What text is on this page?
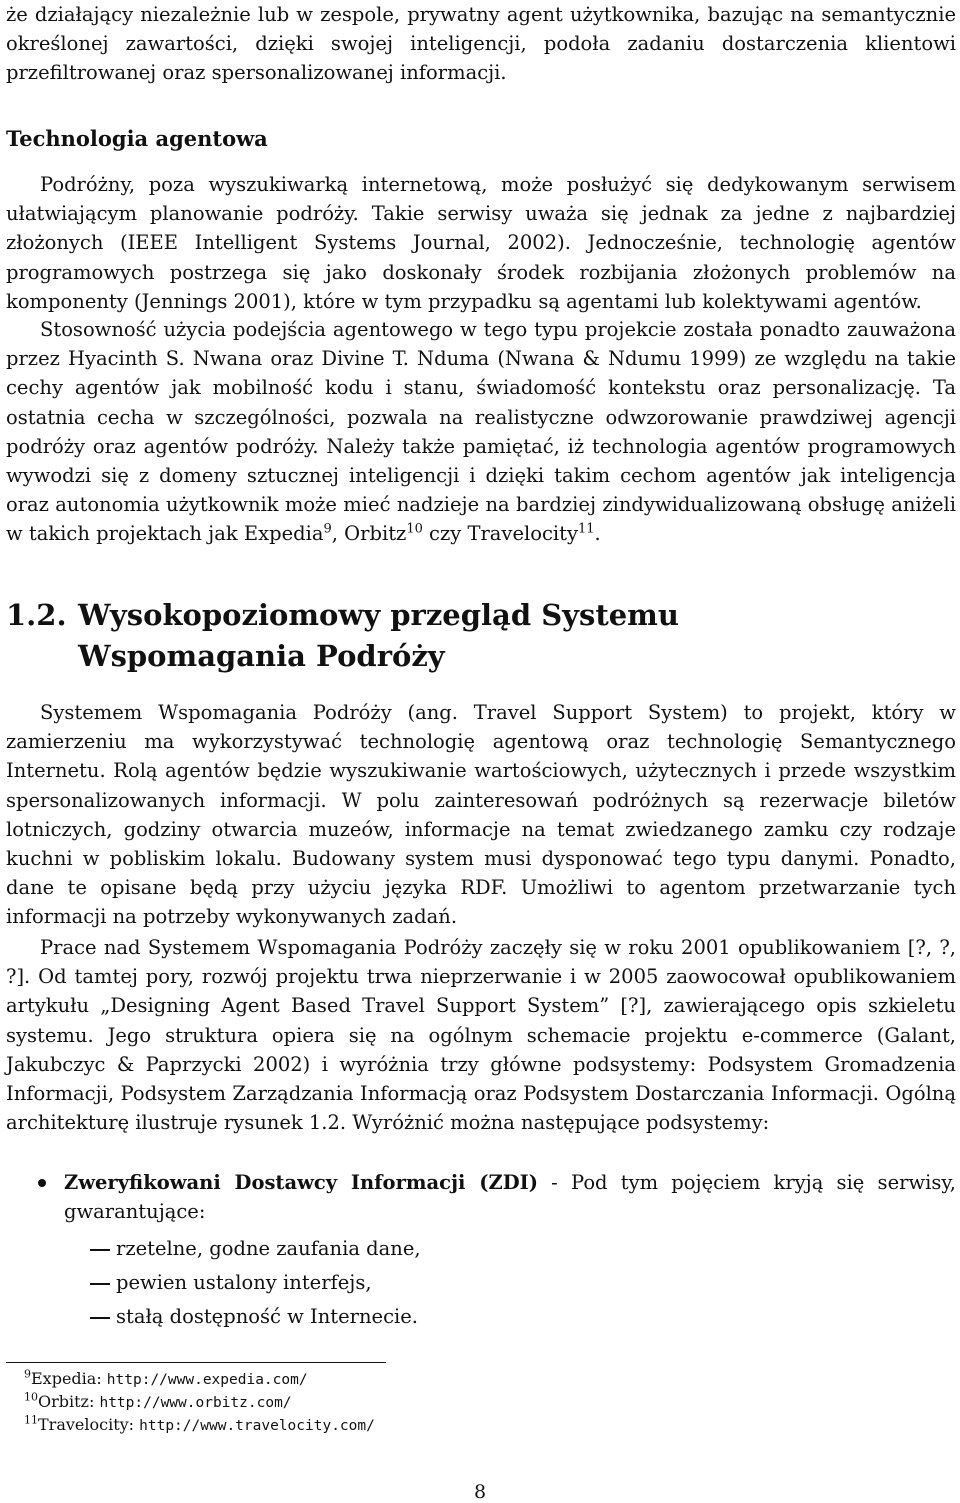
że działający niezależnie lub w zespole, prywatny agent użytkownika, bazując na semantycznie określonej zawartości, dzięki swojej inteligencji, podoła zadaniu dostarczenia klientowi przefiltrowanej oraz spersonalizowanej informacji.

Technologia agentowa

Podróżny, poza wyszukiwarką internetową, może posłużyć się dedykowanym serwisem ułatwiającym planowanie podróży. Takie serwisy uważa się jednak za jedne z najbardziej złożonych (IEEE Intelligent Systems Journal, 2002). Jednocześnie, technologię agentów programowych postrzega się jako doskonały środek rozbijania złożonych problemów na komponenty (Jennings 2001), które w tym przypadku są agentami lub kolektywami agentów.

Stosowność użycia podejścia agentowego w tego typu projekcie została ponadto zauważona przez Hyacinth S. Nwana oraz Divine T. Nduma (Nwana & Ndumu 1999) ze względu na takie cechy agentów jak mobilność kodu i stanu, świadomość kontekstu oraz personalizację. Ta ostatnia cecha w szczególności, pozwala na realistyczne odwzorowanie prawdziwej agencji podróży oraz agentów podróży. Należy także pamiętać, iż technologia agentów programowych wywodzi się z domeny sztucznej inteligencji i dzięki takim cechom agentów jak inteligencja oraz autonomia użytkownik może mieć nadzieje na bardziej zindywidualizowaną obsługę aniżeli w takich projektach jak Expedia$^9$, Orbitz$^{10}$ czy Travelocity$^{11}$.

1.2. Wysokopoziomowy przegląd Systemu Wspomagania Podróży

Systemem Wspomagania Podróży (ang. Travel Support System) to projekt, który w zamierzeniu ma wykorzystywać technologię agentową oraz technologię Semantycznego Internetu. Rolą agentów będzie wyszukiwanie wartościowych, użytecznych i przede wszystkim spersonalizowanych informacji. W polu zainteresowań podróżnych są rezerwacje biletów lotniczych, godziny otwarcia muzeów, informacje na temat zwiedzanego zamku czy rodzaje kuchni w pobliskim lokalu. Budowany system musi dysponować tego typu danymi. Ponadto, dane te opisane będą przy użyciu języka RDF. Umożliwi to agentom przetwarzanie tych informacji na potrzeby wykonywanych zadań.

Prace nad Systemem Wspomagania Podróży zaczęły się w roku 2001 opublikowaniem [?, ?, ?]. Od tamtej pory, rozwój projektu trwa nieprzerwanie i w 2005 zaowocował opublikowaniem artykułu „Designing Agent Based Travel Support System” [?], zawierającego opis szkieletu systemu. Jego struktura opiera się na ogólnym schemacie projektu e-commerce (Galant, Jakubczyc & Paprzycki 2002) i wyróżnia trzy główne podsystemy: Podsystem Gromadzenia Informacji, Podsystem Zarządzania Informacją oraz Podsystem Dostarczania Informacji. Ogólną architekturę ilustruje rysunek 1.2. Wyróżnić można następujące podsystemy:

Zweryfikowani Dostawcy Informacji (ZDI) - Pod tym pojęciem kryją się serwisy, gwarantujące:
rzetelne, godne zaufania dane,
pewien ustalony interfejs,
stałą dostępność w Internecie.

$^9$Expedia: http://www.expedia.com/

$^{10}$Orbitz: http://www.orbitz.com/

$^{11}$Travelocity: http://www.travelocity.com/

8
